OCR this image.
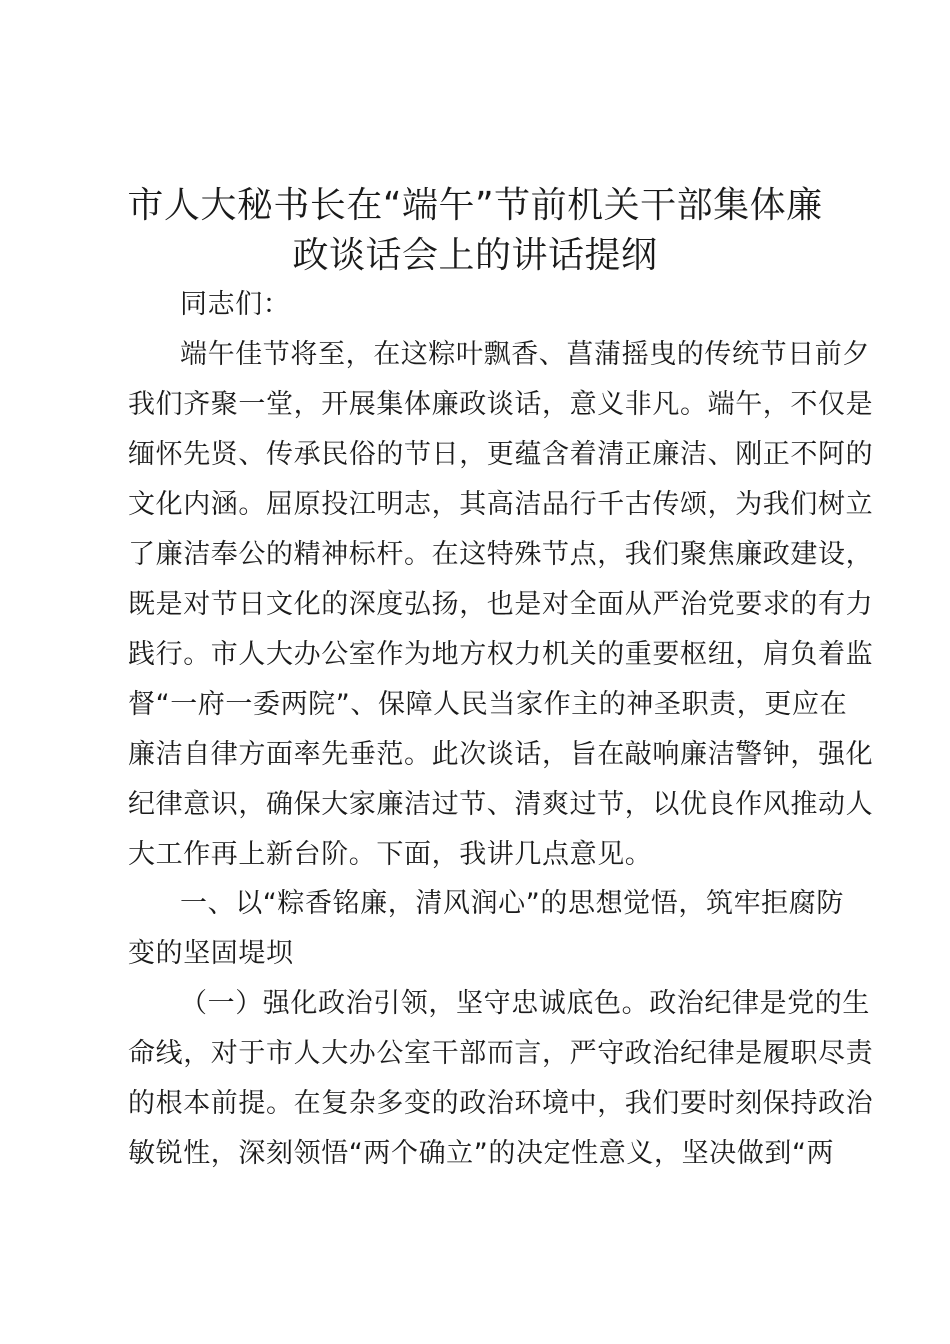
市人大秘书长在“端午”节前机关干部集体廉
政谈话会上的讲话提纲

同志们：

端午佳节将至，在这粽叶飘香、菖蒲摇曳的传统节日前夕

我们齐聚一堂，开展集体廉政谈话，意义非凡。端午，不仅是

缅怀先贤、传承民俗的节日，更蕴含着清正廉洁、刚正不阿的

文化内涵。屈原投江明志，其高洁品行千古传颂，为我们树立

了廉洁奉公的精神标杆。在这特殊节点，我们聚焦廉政建设，

既是对节日文化的深度弘扬，也是对全面从严治党要求的有力

践行。市人大办公室作为地方权力机关的重要枢纽，肩负着监

督“一府一委两院”、保障人民当家作主的神圣职责，更应在

廉洁自律方面率先垂范。此次谈话，旨在敲响廉洁警钟，强化

纪律意识，确保大家廉洁过节、清爽过节，以优良作风推动人

大工作再上新台阶。下面，我讲几点意见。

一、以“粽香铭廉，清风润心”的思想觉悟，筑牢拒腐防

变的坚固堤坝

（一）强化政治引领，坚守忠诚底色。政治纪律是党的生

命线，对于市人大办公室干部而言，严守政治纪律是履职尽责

的根本前提。在复杂多变的政治环境中，我们要时刻保持政治

敏锐性，深刻领悟“两个确立”的决定性意义，坚决做到“两
